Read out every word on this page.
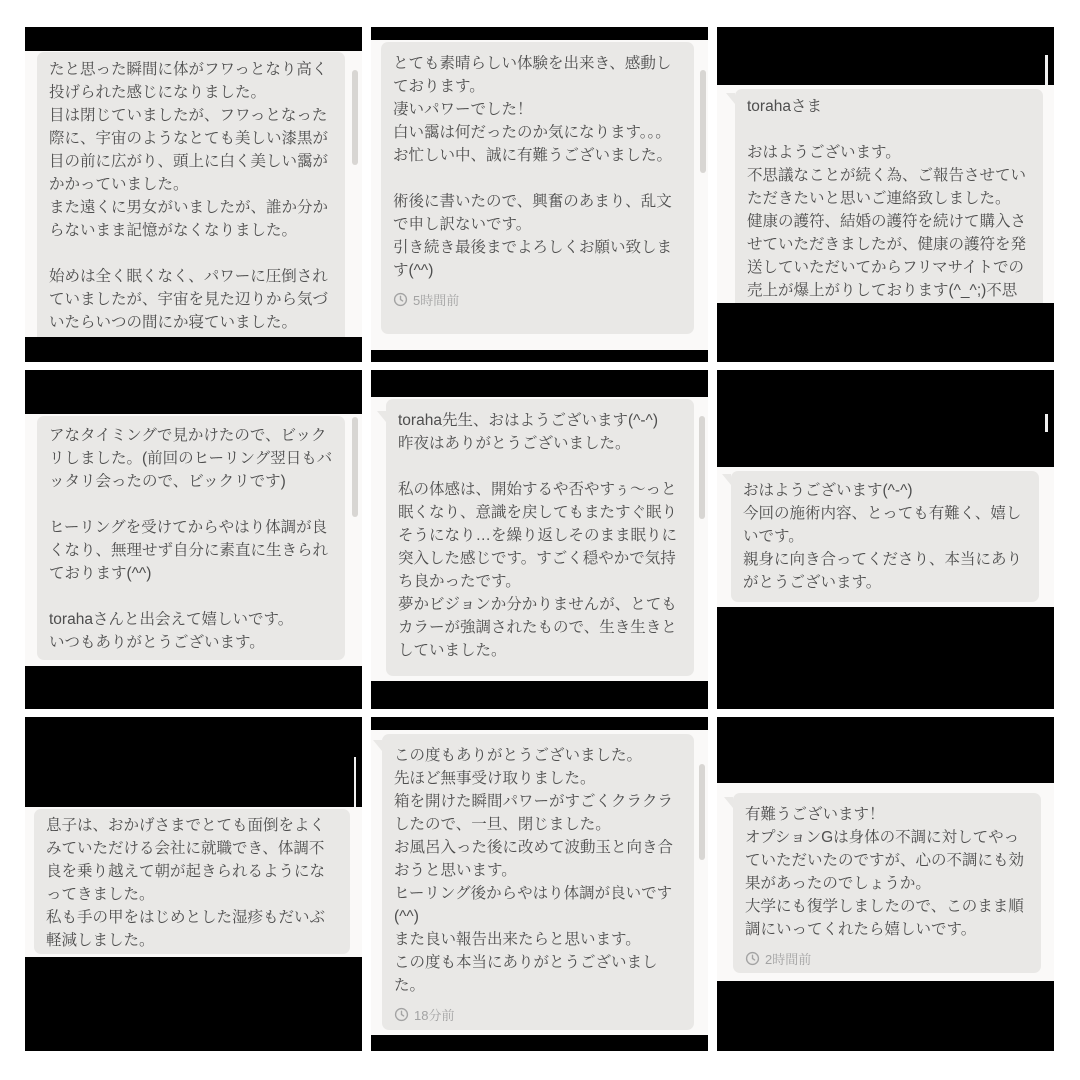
たと思った瞬間に体がフワっとなり高く投げられた感じになりました。

目は閉じていましたが、フワっとなった際に、宇宙のようなとても美しい漆黒が目の前に広がり、頭上に白く美しい靄がかかっていました。

また遠くに男女がいましたが、誰か分からないまま記憶がなくなりました。

始めは全く眠くなく、パワーに圧倒されていましたが、宇宙を見た辺りから気づいたらいつの間にか寝ていました。

とても素晴らしい体験を出来き、感動しております。

凄いパワーでした！

白い靄は何だったのか気になります。。。

お忙しい中、誠に有難うございました。

術後に書いたので、興奮のあまり、乱文で申し訳ないです。

引き続き最後までよろしくお願い致します(^^)

5時間前

torahaさま

おはようございます。

不思議なことが続く為、ご報告させていただきたいと思いご連絡致しました。

健康の護符、結婚の護符を続けて購入させていただきましたが、健康の護符を発送していただいてからフリマサイトでの売上が爆上がりしております(^_^;)不思

アなタイミングで見かけたので、ビックリしました。(前回のヒーリング翌日もバッタリ会ったので、ビックリです)

ヒーリングを受けてからやはり体調が良くなり、無理せず自分に素直に生きられております(^^)

torahaさんと出会えて嬉しいです。

いつもありがとうございます。

toraha先生、おはようございます(^-^)

昨夜はありがとうございました。

私の体感は、開始するや否やすぅ〜っと眠くなり、意識を戻してもまたすぐ眠りそうになり…を繰り返しそのまま眠りに突入した感じです。すごく穏やかで気持ち良かったです。

夢かビジョンか分かりませんが、とてもカラーが強調されたもので、生き生きとしていました。

おはようございます(^-^)

今回の施術内容、とっても有難く、嬉しいです。

親身に向き合ってくださり、本当にありがとうございます。

息子は、おかげさまでとても面倒をよくみていただける会社に就職でき、体調不良を乗り越えて朝が起きられるようになってきました。

私も手の甲をはじめとした湿疹もだいぶ軽減しました。

この度もありがとうございました。

先ほど無事受け取りました。

箱を開けた瞬間パワーがすごくクラクラしたので、一旦、閉じました。

お風呂入った後に改めて波動玉と向き合おうと思います。

ヒーリング後からやはり体調が良いです(^^)

また良い報告出来たらと思います。

この度も本当にありがとうございました。

18分前

有難うございます！

オプションGは身体の不調に対してやっていただいたのですが、心の不調にも効果があったのでしょうか。

大学にも復学しましたので、このまま順調にいってくれたら嬉しいです。

2時間前
